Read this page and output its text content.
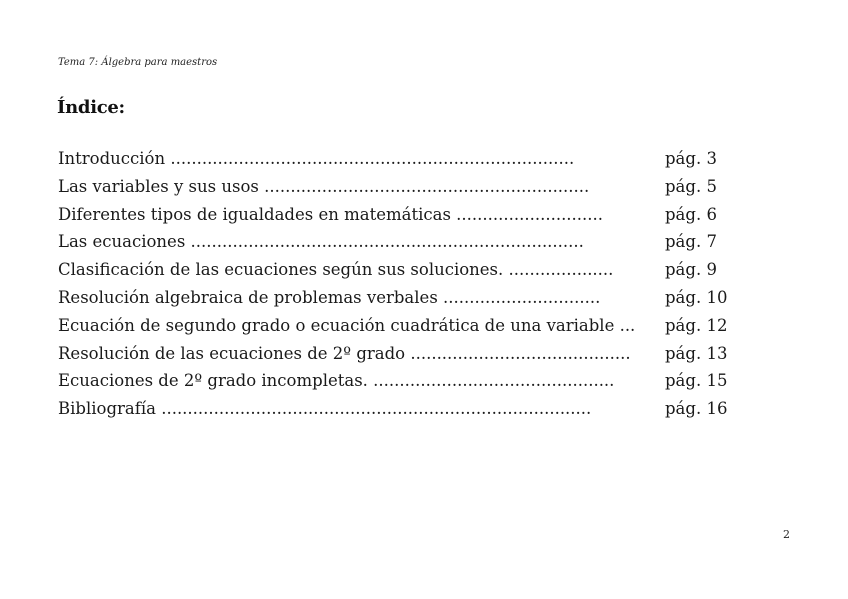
Tema 7: Álgebra para maestros
Índice:
Introducción .............................................................................	pág. 3
Las variables y sus usos ..............................................................	pág. 5
Diferentes tipos de igualdades en matemáticas ............................	pág. 6
Las ecuaciones ...........................................................................	pág. 7
Clasificación de las ecuaciones según sus soluciones. ....................	pág. 9
Resolución algebraica de problemas verbales ..............................	pág. 10
Ecuación de segundo grado o ecuación cuadrática de una variable ... pág. 12
Resolución de las ecuaciones de 2º grado .......................................... pág. 13
Ecuaciones de 2º grado incompletas. ..............................................	pág. 15
Bibliografía ..................................................................................	pág. 16
2
